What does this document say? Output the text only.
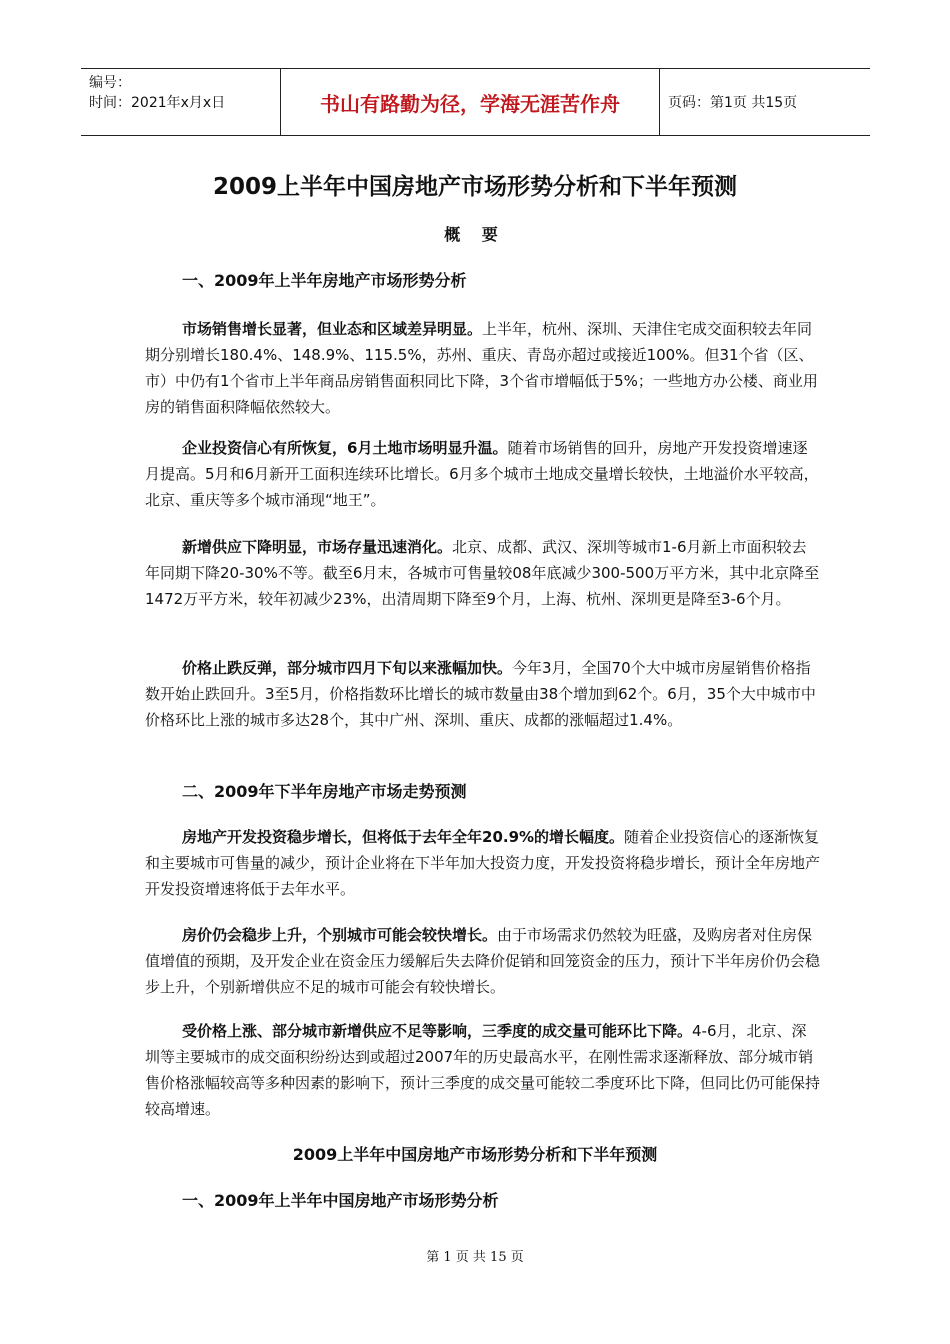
编号：
时间：2021年x月x日	书山有路勤为径，学海无涯苦作舟	页码：第1页 共15页
2009上半年中国房地产市场形势分析和下半年预测
概 要
一、2009年上半年房地产市场形势分析
市场销售增长显著，但业态和区域差异明显。上半年，杭州、深圳、天津住宅成交面积较去年同期分别增长180.4%、148.9%、115.5%，苏州、重庆、青岛亦超过或接近100%。但31个省（区、市）中仍有1个省市上半年商品房销售面积同比下降，3个省市增幅低于5%；一些地方办公楼、商业用房的销售面积降幅依然较大。
企业投资信心有所恢复，6月土地市场明显升温。随着市场销售的回升，房地产开发投资增速逐月提高。5月和6月新开工面积连续环比增长。6月多个城市土地成交量增长较快，土地溢价水平较高，北京、重庆等多个城市涌现“地王”。
新增供应下降明显，市场存量迅速消化。北京、成都、武汉、深圳等城市1-6月新上市面积较去年同期下降20-30%不等。截至6月末，各城市可售量较08年底减少300-500万平方米，其中北京降至1472万平方米，较年初减少23%，出清周期下降至9个月，上海、杭州、深圳更是降至3-6个月。
价格止跌反弹，部分城市四月下旬以来涨幅加快。今年3月，全国70个大中城市房屋销售价格指数开始止跌回升。3至5月，价格指数环比增长的城市数量由38个增加到62个。6月，35个大中城市中价格环比上涨的城市多达28个，其中广州、深圳、重庆、成都的涨幅超过1.4%。
二、2009年下半年房地产市场走势预测
房地产开发投资稳步增长，但将低于去年全年20.9%的增长幅度。随着企业投资信心的逐渐恢复和主要城市可售量的减少，预计企业将在下半年加大投资力度，开发投资将稳步增长，预计全年房地产开发投资增速将低于去年水平。
房价仍会稳步上升，个别城市可能会较快增长。由于市场需求仍然较为旺盛，及购房者对住房保值增值的预期，及开发企业在资金压力缓解后失去降价促销和回笼资金的压力，预计下半年房价仍会稳步上升，个别新增供应不足的城市可能会有较快增长。
受价格上涨、部分城市新增供应不足等影响，三季度的成交量可能环比下降。4-6月，北京、深圳等主要城市的成交面积纷纷达到或超过2007年的历史最高水平，在刚性需求逐渐释放、部分城市销售价格涨幅较高等多种因素的影响下，预计三季度的成交量可能较二季度环比下降，但同比仍可能保持较高增速。
2009上半年中国房地产市场形势分析和下半年预测
一、2009年上半年中国房地产市场形势分析
第 1 页 共 15 页
